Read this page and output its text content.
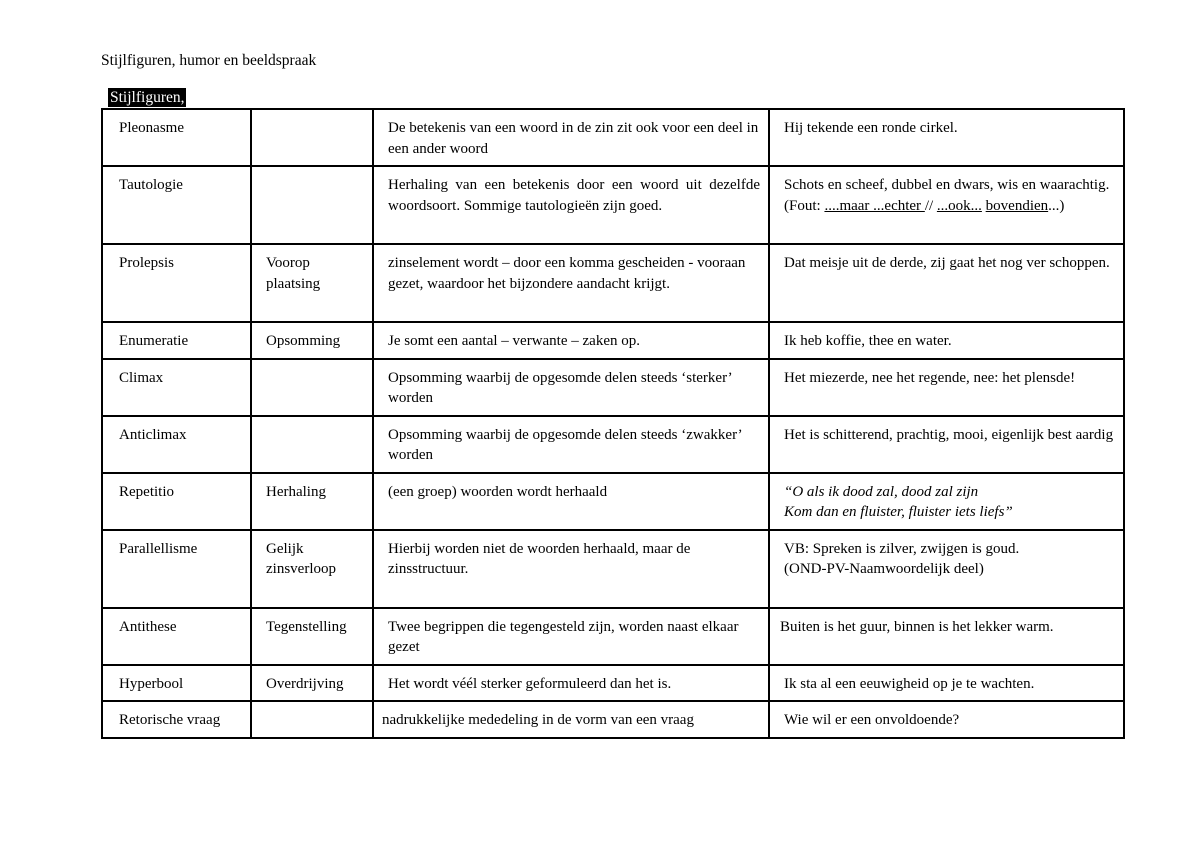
Stijlfiguren, humor en beeldspraak
Stijlfiguren,
Pleonasme		De betekenis van een woord in de zin zit ook voor een deel in een ander woord	Hij tekende een ronde cirkel.
Tautologie		Herhaling van een betekenis door een woord uit dezelfde woordsoort. Sommige tautologieën zijn goed.	Schots en scheef, dubbel en dwars, wis en waarachtig. (Fout: ....maar ...echter // ...ook... bovendien...)
Prolepsis	Voorop plaatsing	zinselement wordt – door een komma gescheiden - vooraan gezet, waardoor het bijzondere aandacht krijgt.	Dat meisje uit de derde, zij gaat het nog ver schoppen.
Enumeratie	Opsomming	Je somt een aantal – verwante – zaken op.	Ik heb koffie, thee en water.
Climax		Opsomming waarbij de opgesomde delen steeds ‘sterker’ worden	Het miezerde, nee het regende, nee: het plensde!
Anticlimax		Opsomming waarbij de opgesomde delen steeds ‘zwakker’ worden	Het is schitterend, prachtig, mooi, eigenlijk best aardig
Repetitio	Herhaling	(een groep) woorden wordt herhaald	“O als ik dood zal, dood zal zijn
Kom dan en fluister, fluister iets liefs”

Parallellisme	Gelijk zinsverloop	Hierbij worden niet de woorden herhaald, maar de zinsstructuur.	VB: Spreken is zilver, zwijgen is goud. (OND-PV-Naamwoordelijk deel)
Antithese	Tegenstelling	Twee begrippen die tegengesteld zijn, worden naast elkaar gezet	Buiten is het guur, binnen is het lekker warm.
Hyperbool	Overdrijving	Het wordt véél sterker geformuleerd dan het is.	Ik sta al een eeuwigheid op je te wachten.
Retorische vraag		nadrukkelijke mededeling in de vorm van een vraag	Wie wil er een onvoldoende?
